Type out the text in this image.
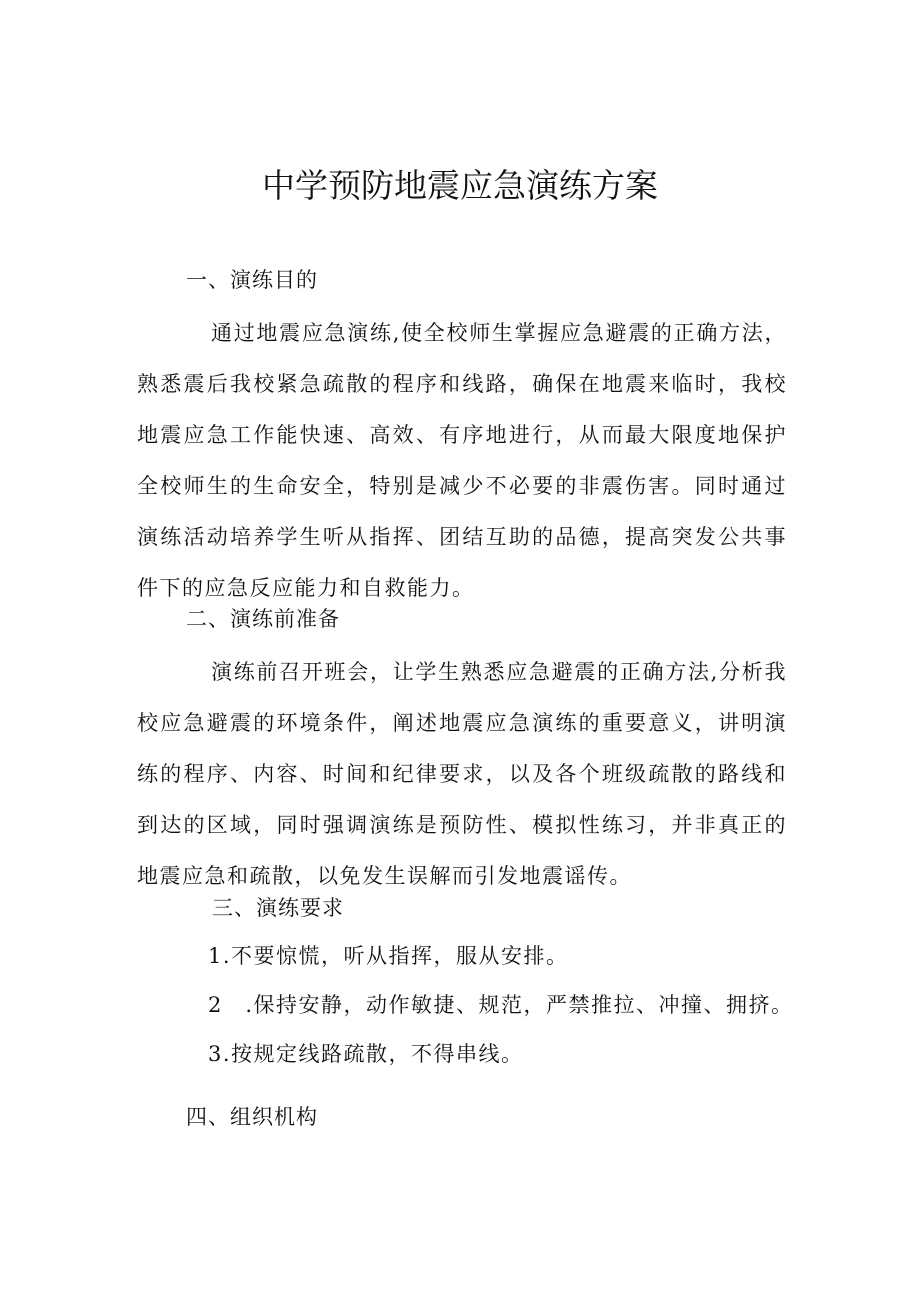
中学预防地震应急演练方案
一、演练目的

通过地震应急演练,使全校师生掌握应急避震的正确方法，熟悉震后我校紧急疏散的程序和线路，确保在地震来临时，我校地震应急工作能快速、高效、有序地进行，从而最大限度地保护全校师生的生命安全，特别是减少不必要的非震伤害。同时通过演练活动培养学生听从指挥、团结互助的品德，提高突发公共事件下的应急反应能力和自救能力。

二、演练前准备

演练前召开班会，让学生熟悉应急避震的正确方法,分析我校应急避震的环境条件，阐述地震应急演练的重要意义，讲明演练的程序、内容、时间和纪律要求，以及各个班级疏散的路线和到达的区域，同时强调演练是预防性、模拟性练习，并非真正的地震应急和疏散，以免发生误解而引发地震谣传。

三、演练要求
1.不要惊慌，听从指挥，服从安排。
2　.保持安静，动作敏捷、规范，严禁推拉、冲撞、拥挤。
3.按规定线路疏散，不得串线。
四、组织机构
